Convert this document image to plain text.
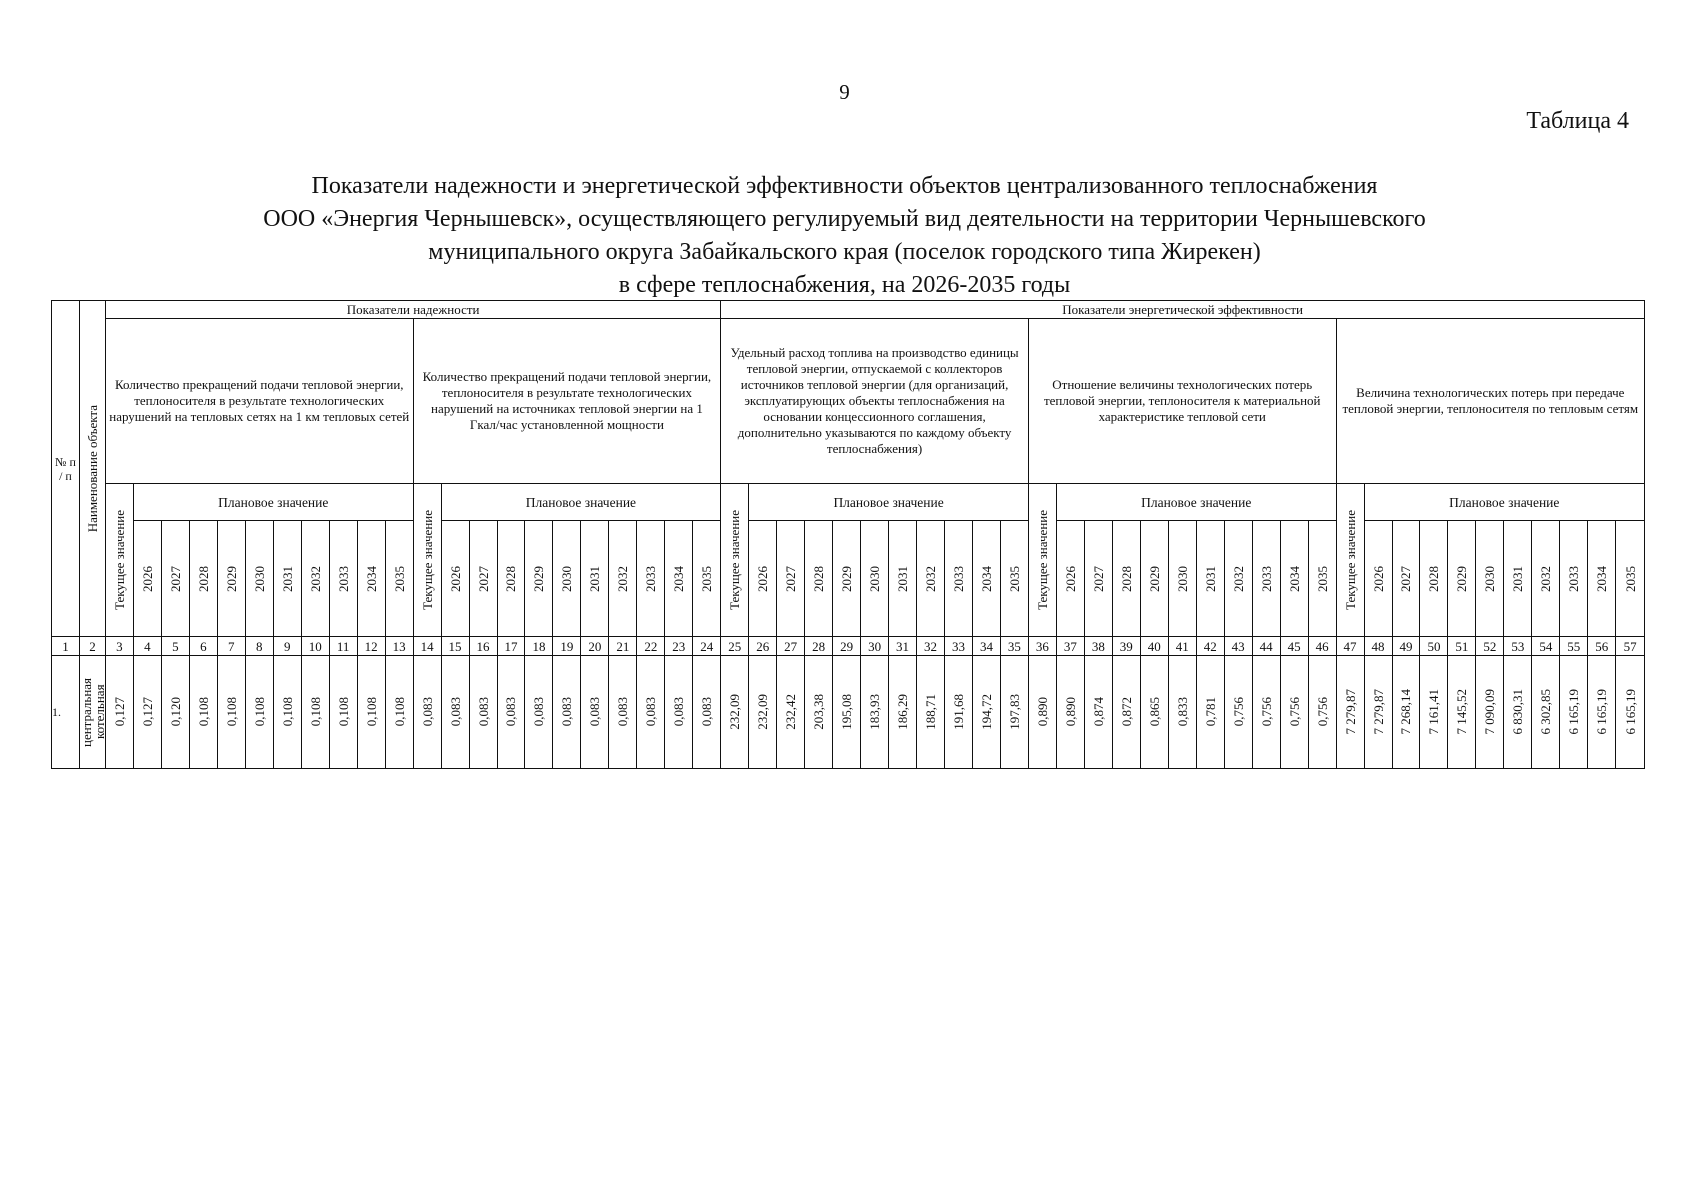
9
Таблица 4
Показатели надежности и энергетической эффективности объектов централизованного теплоснабжения
ООО «Энергия Чернышевск», осуществляющего регулируемый вид деятельности на территории Чернышевского
муниципального округа Забайкальского края (поселок городского типа Жирекен)
в сфере теплоснабжения, на 2026-2035 годы
№ п / п	Наименование объекта	Показатели надежности																						Показатели энергетической эффективности																																
		Количество прекращений подачи тепловой энергии, теплоносителя в результате технологических нарушений на тепловых сетях на 1 км тепловых сетей											Количество прекращений подачи тепловой энергии, теплоносителя в результате технологических нарушений на источниках тепловой энергии на 1 Гкал/час установленной мощности											Удельный расход топлива на производство единицы тепловой энергии, отпускаемой с коллекторов источников тепловой энергии (для организаций, эксплуатирующих объекты теплоснабжения на основании концессионного соглашения, дополнительно указываются по каждому объекту теплоснабжения)											Отношение величины технологических потерь тепловой энергии, теплоносителя к материальной характеристике тепловой сети											Величина технологических потерь при передаче тепловой энергии, теплоносителя по тепловым сетям										

		Текущее значение	Плановое значение										Текущее значение	Плановое значение										Текущее значение	Плановое значение										Текущее значение	Плановое значение										Текущее значение	Плановое значение									

			2026	2027	2028	2029	2030	2031	2032	2033	2034	2035		2026	2027	2028	2029	2030	2031	2032	2033	2034	2035		2026	2027	2028	2029	2030	2031	2032	2033	2034	2035		2026	2027	2028	2029	2030	2031	2032	2033	2034	2035		2026	2027	2028	2029	2030	2031	2032	2033	2034	2035

1	2	3	4	5	6	7	8	9	10	11	12	13	14	15	16	17	18	19	20	21	22	23	24	25	26	27	28	29	30	31	32	33	34	35	36	37	38	39	40	41	42	43	44	45	46	47	48	49	50	51	52	53	54	55	56	57
1.	центральная котельная	0,127	0,127	0,120	0,108	0,108	0,108	0,108	0,108	0,108	0,108	0,108	0,083	0,083	0,083	0,083	0,083	0,083	0,083	0,083	0,083	0,083	0,083	232,09	232,09	232,42	203,38	195,08	183,93	186,29	188,71	191,68	194,72	197,83	0,890	0,890	0,874	0,872	0,865	0,833	0,781	0,756	0,756	0,756	0,756	7 279,87	7 279,87	7 268,14	7 161,41	7 145,52	7 090,09	6 830,31	6 302,85	6 165,19	6 165,19	6 165,19
